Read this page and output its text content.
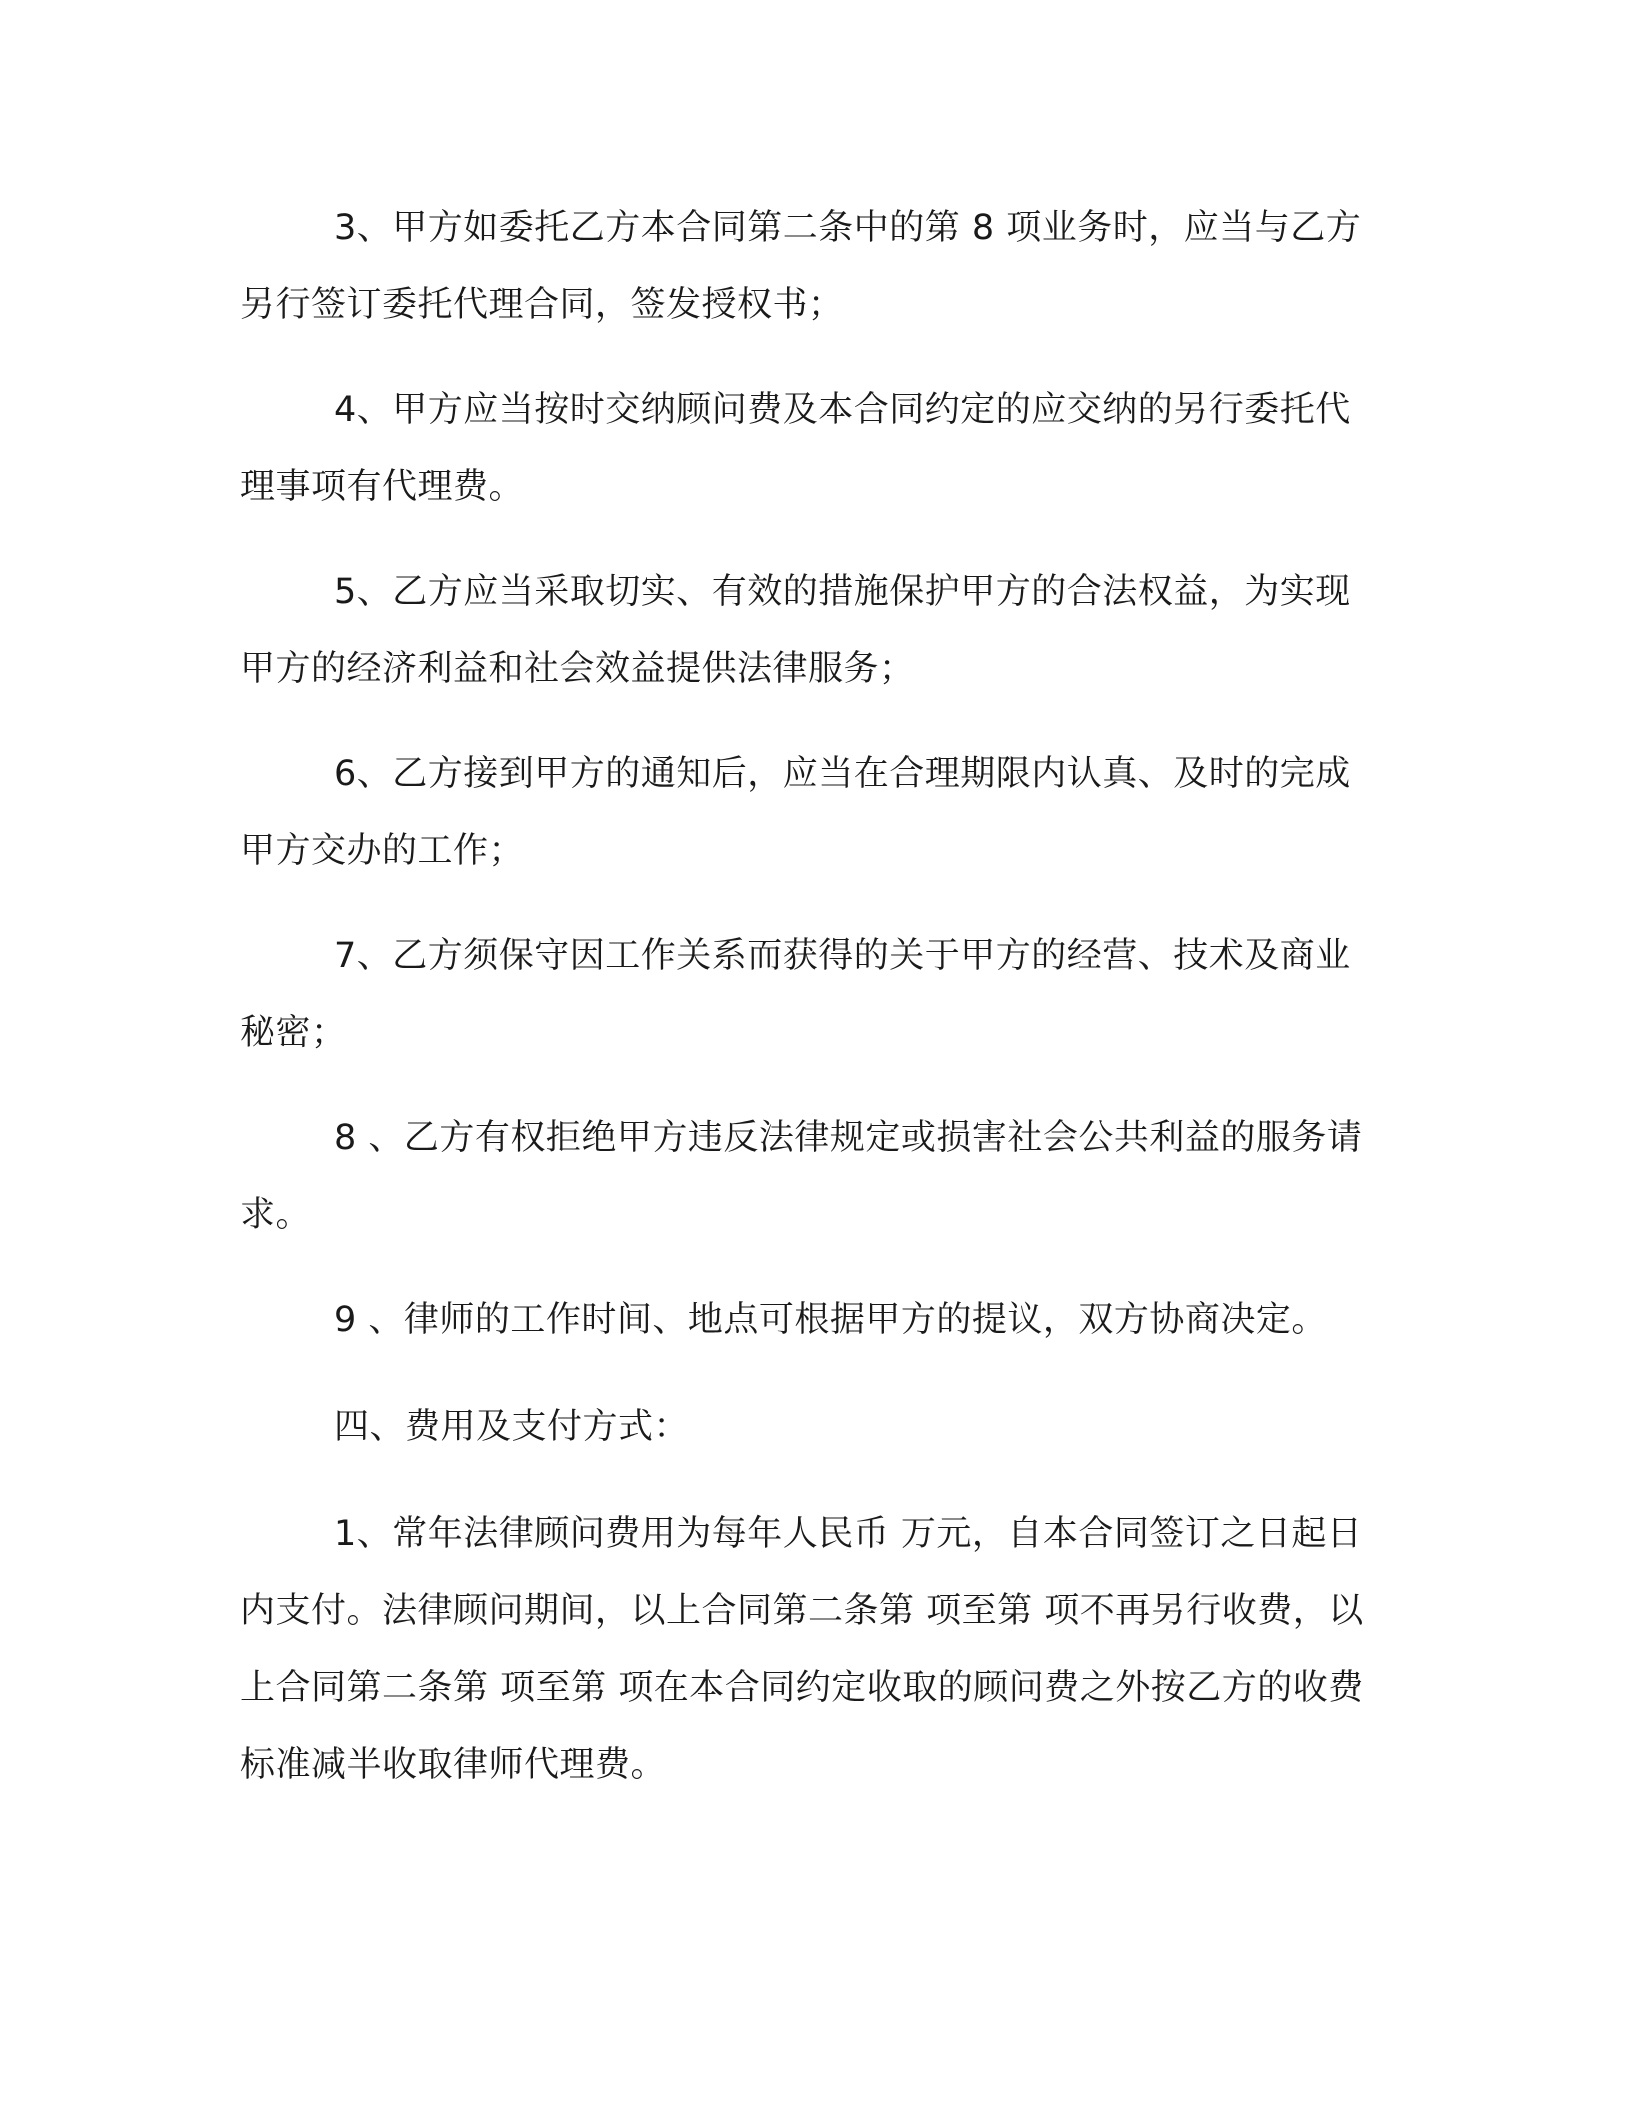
3、甲方如委托乙方本合同第二条中的第 8 项业务时，应当与乙方另行签订委托代理合同，签发授权书；

4、甲方应当按时交纳顾问费及本合同约定的应交纳的另行委托代理事项有代理费。

5、乙方应当采取切实、有效的措施保护甲方的合法权益，为实现甲方的经济利益和社会效益提供法律服务；

6、乙方接到甲方的通知后，应当在合理期限内认真、及时的完成甲方交办的工作；

7、乙方须保守因工作关系而获得的关于甲方的经营、技术及商业秘密；

8 、乙方有权拒绝甲方违反法律规定或损害社会公共利益的服务请求。

9 、律师的工作时间、地点可根据甲方的提议，双方协商决定。

四、费用及支付方式：

1、常年法律顾问费用为每年人民币 万元，自本合同签订之日起日内支付。法律顾问期间，以上合同第二条第 项至第 项不再另行收费，以上合同第二条第 项至第 项在本合同约定收取的顾问费之外按乙方的收费标准减半收取律师代理费。
